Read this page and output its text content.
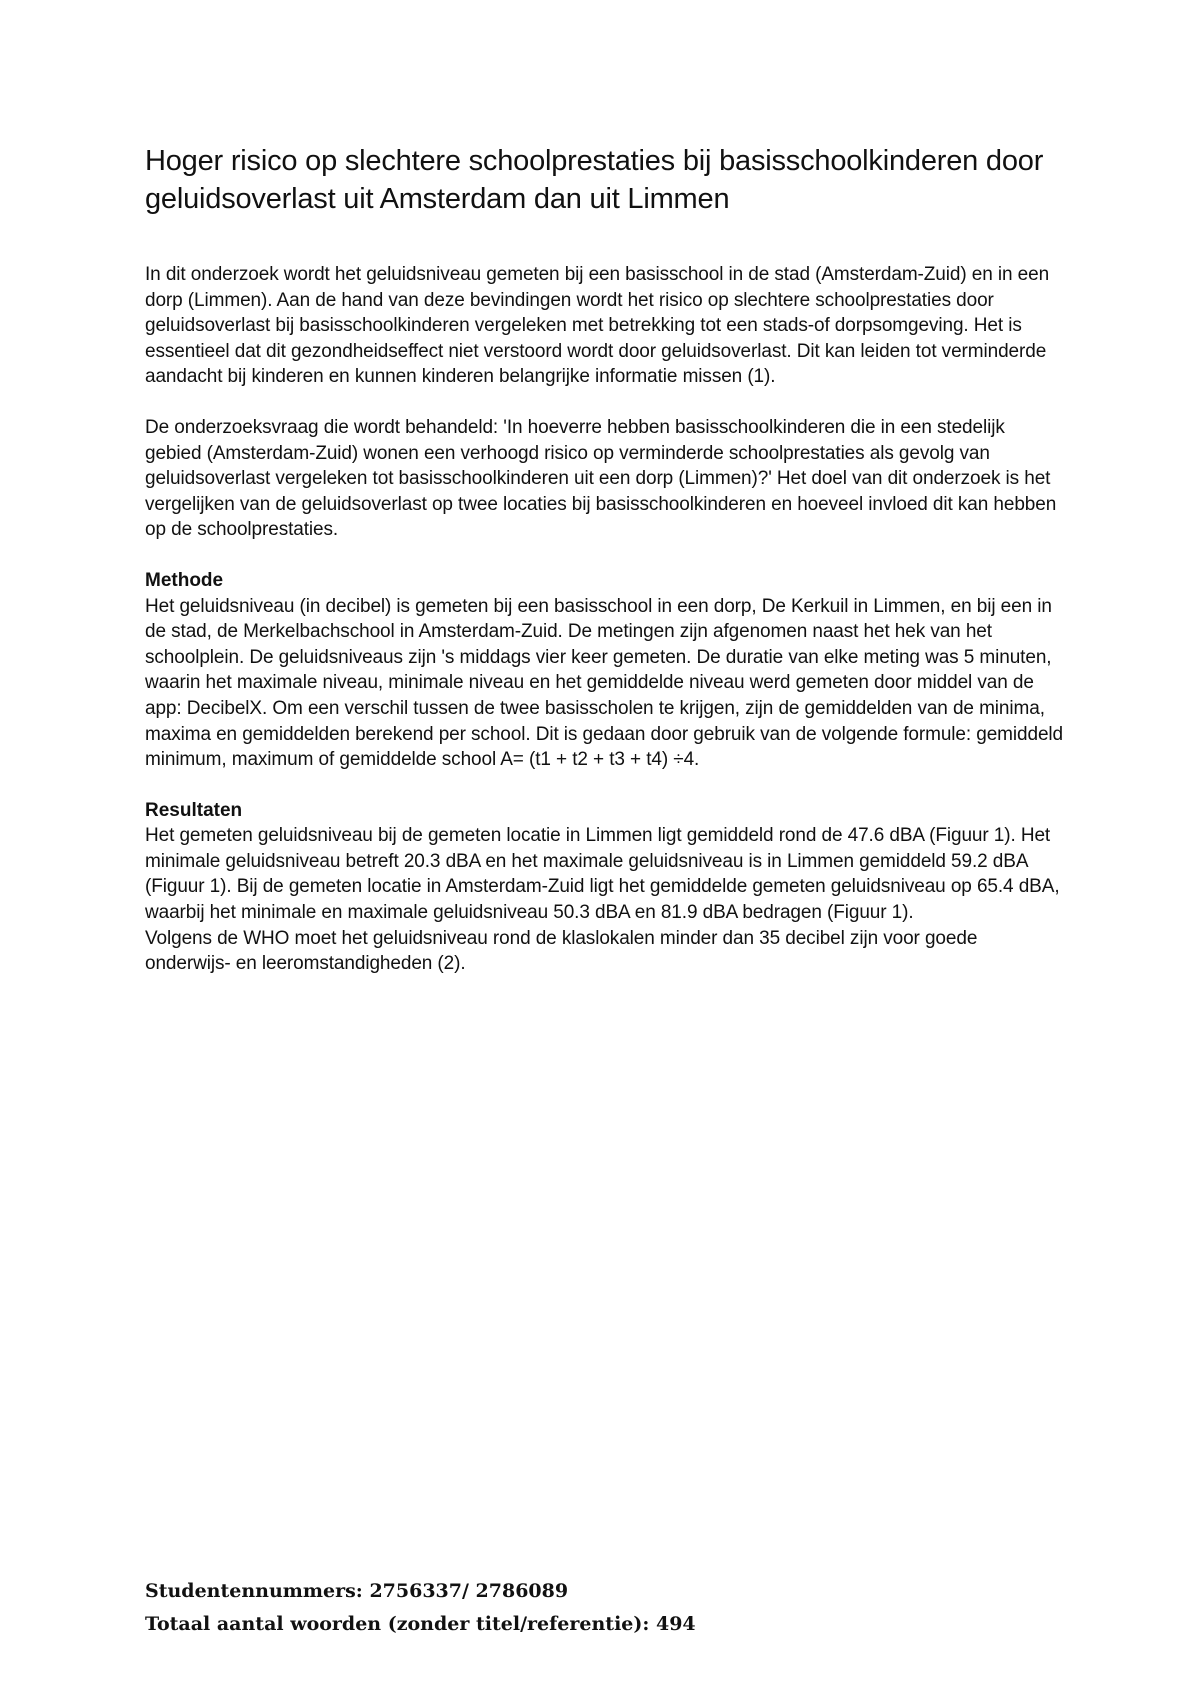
Hoger risico op slechtere schoolprestaties bij basisschoolkinderen door geluidsoverlast uit Amsterdam dan uit Limmen

In dit onderzoek wordt het geluidsniveau gemeten bij een basisschool in de stad (Amsterdam-Zuid) en in een dorp (Limmen). Aan de hand van deze bevindingen wordt het risico op slechtere schoolprestaties door geluidsoverlast bij basisschoolkinderen vergeleken met betrekking tot een stads-of dorpsomgeving. Het is essentieel dat dit gezondheidseffect niet verstoord wordt door geluidsoverlast. Dit kan leiden tot verminderde aandacht bij kinderen en kunnen kinderen belangrijke informatie missen (1).

De onderzoeksvraag die wordt behandeld: 'In hoeverre hebben basisschoolkinderen die in een stedelijk gebied (Amsterdam-Zuid) wonen een verhoogd risico op verminderde schoolprestaties als gevolg van geluidsoverlast vergeleken tot basisschoolkinderen uit een dorp (Limmen)?' Het doel van dit onderzoek is het vergelijken van de geluidsoverlast op twee locaties bij basisschoolkinderen en hoeveel invloed dit kan hebben op de schoolprestaties.

Methode

Het geluidsniveau (in decibel) is gemeten bij een basisschool in een dorp, De Kerkuil in Limmen, en bij een in de stad, de Merkelbachschool in Amsterdam-Zuid. De metingen zijn afgenomen naast het hek van het schoolplein. De geluidsniveaus zijn 's middags vier keer gemeten. De duratie van elke meting was 5 minuten, waarin het maximale niveau, minimale niveau en het gemiddelde niveau werd gemeten door middel van de app: DecibelX. Om een verschil tussen de twee basisscholen te krijgen, zijn de gemiddelden van de minima, maxima en gemiddelden berekend per school. Dit is gedaan door gebruik van de volgende formule: gemiddeld minimum, maximum of gemiddelde school A= (t1 + t2 + t3 + t4) ÷4.

Resultaten

Het gemeten geluidsniveau bij de gemeten locatie in Limmen ligt gemiddeld rond de 47.6 dBA (Figuur 1). Het minimale geluidsniveau betreft 20.3 dBA en het maximale geluidsniveau is in Limmen gemiddeld 59.2 dBA (Figuur 1). Bij de gemeten locatie in Amsterdam-Zuid ligt het gemiddelde gemeten geluidsniveau op 65.4 dBA, waarbij het minimale en maximale geluidsniveau 50.3 dBA en 81.9 dBA bedragen (Figuur 1).

Volgens de WHO moet het geluidsniveau rond de klaslokalen minder dan 35 decibel zijn voor goede onderwijs- en leeromstandigheden (2).

Studentennummers: 2756337/ 2786089

Totaal aantal woorden (zonder titel/referentie): 494
